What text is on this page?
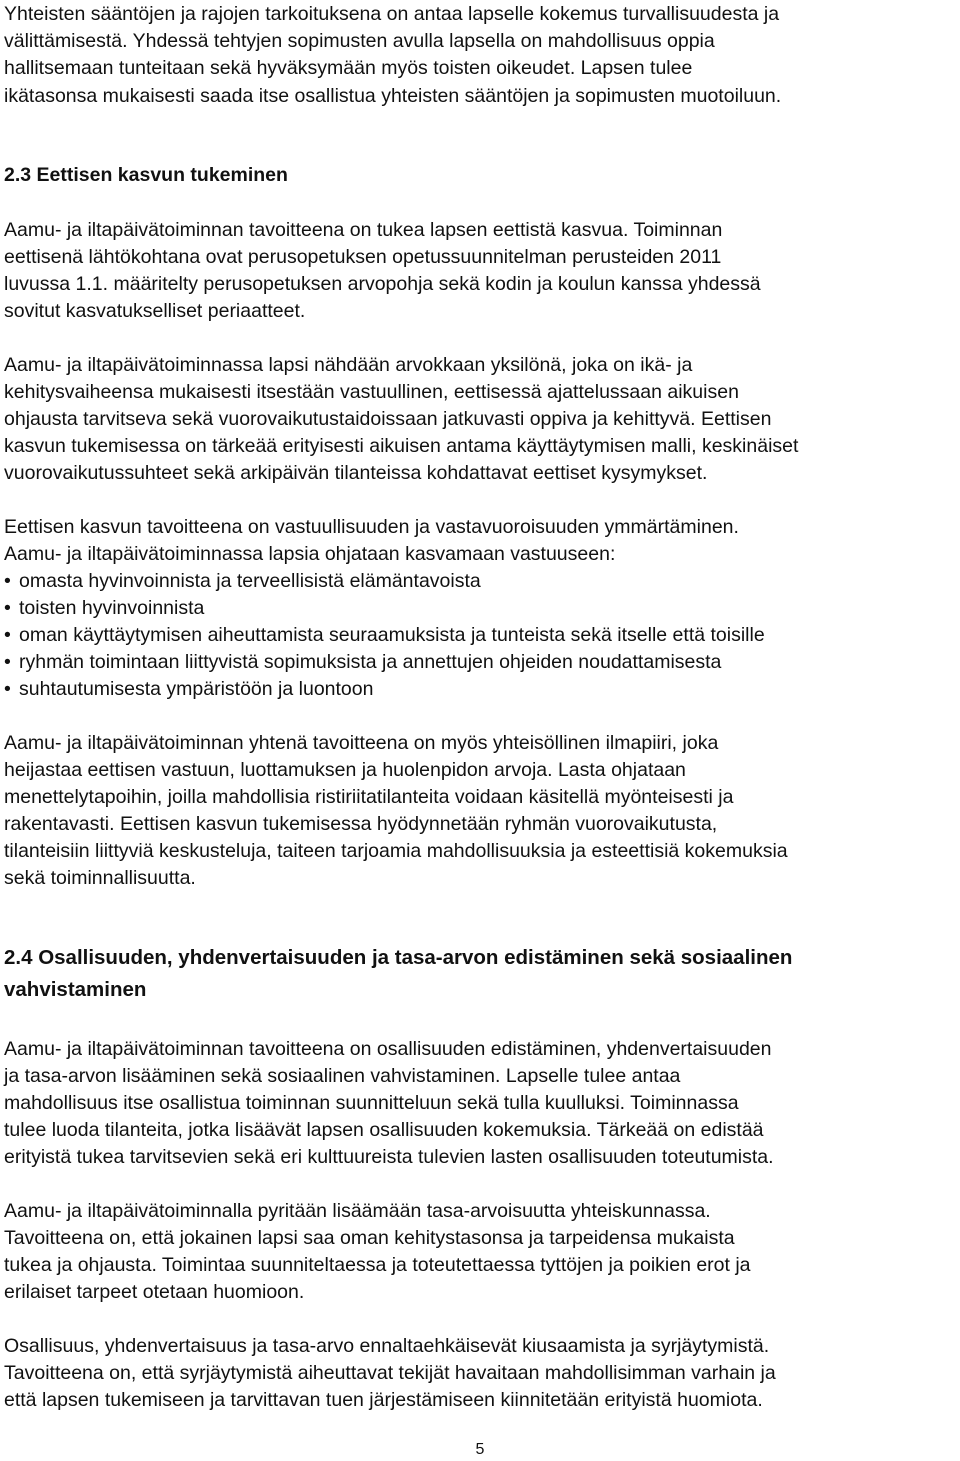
Yhteisten sääntöjen ja rajojen tarkoituksena on antaa lapselle kokemus turvallisuudesta ja
välittämisestä. Yhdessä tehtyjen sopimusten avulla lapsella on mahdollisuus oppia
hallitsemaan tunteitaan sekä hyväksymään myös toisten oikeudet. Lapsen tulee
ikätasonsa mukaisesti saada itse osallistua yhteisten sääntöjen ja sopimusten muotoiluun.
2.3 Eettisen kasvun tukeminen
Aamu- ja iltapäivätoiminnan tavoitteena on tukea lapsen eettistä kasvua. Toiminnan
eettisenä lähtökohtana ovat perusopetuksen opetussuunnitelman perusteiden 2011
luvussa 1.1. määritelty perusopetuksen arvopohja sekä kodin ja koulun kanssa yhdessä
sovitut kasvatukselliset periaatteet.
Aamu- ja iltapäivätoiminnassa lapsi nähdään arvokkaan yksilönä, joka on ikä- ja
kehitysvaiheensa mukaisesti itsestään vastuullinen, eettisessä ajattelussaan aikuisen
ohjausta tarvitseva sekä vuorovaikutustaidoissaan jatkuvasti oppiva ja kehittyvä. Eettisen
kasvun tukemisessa on tärkeää erityisesti aikuisen antama käyttäytymisen malli, keskinäiset
vuorovaikutussuhteet sekä arkipäivän tilanteissa kohdattavat eettiset kysymykset.
Eettisen kasvun tavoitteena on vastuullisuuden ja vastavuoroisuuden ymmärtäminen.
Aamu- ja iltapäivätoiminnassa lapsia ohjataan kasvamaan vastuuseen:
• omasta hyvinvoinnista ja terveellisistä elämäntavoista
• toisten hyvinvoinnista
• oman käyttäytymisen aiheuttamista seuraamuksista ja tunteista sekä itselle että toisille
• ryhmän toimintaan liittyvistä sopimuksista ja annettujen ohjeiden noudattamisesta
• suhtautumisesta ympäristöön ja luontoon
Aamu- ja iltapäivätoiminnan yhtenä tavoitteena on myös yhteisöllinen ilmapiiri, joka
heijastaa eettisen vastuun, luottamuksen ja huolenpidon arvoja. Lasta ohjataan
menettelytapoihin, joilla mahdollisia ristiriitatilanteita voidaan käsitellä myönteisesti ja
rakentavasti. Eettisen kasvun tukemisessa hyödynnetään ryhmän vuorovaikutusta,
tilanteisiin liittyviä keskusteluja, taiteen tarjoamia mahdollisuuksia ja esteettisiä kokemuksia
sekä toiminnallisuutta.
2.4 Osallisuuden, yhdenvertaisuuden ja tasa-arvon edistäminen sekä sosiaalinen
vahvistaminen
Aamu- ja iltapäivätoiminnan tavoitteena on osallisuuden edistäminen, yhdenvertaisuuden
ja tasa-arvon lisääminen sekä sosiaalinen vahvistaminen. Lapselle tulee antaa
mahdollisuus itse osallistua toiminnan suunnitteluun sekä tulla kuulluksi. Toiminnassa
tulee luoda tilanteita, jotka lisäävät lapsen osallisuuden kokemuksia. Tärkeää on edistää
erityistä tukea tarvitsevien sekä eri kulttuureista tulevien lasten osallisuuden toteutumista.
Aamu- ja iltapäivätoiminnalla pyritään lisäämään tasa-arvoisuutta yhteiskunnassa.
Tavoitteena on, että jokainen lapsi saa oman kehitystasonsa ja tarpeidensa mukaista
tukea ja ohjausta. Toimintaa suunniteltaessa ja toteutettaessa tyttöjen ja poikien erot ja
erilaiset tarpeet otetaan huomioon.
Osallisuus, yhdenvertaisuus ja tasa-arvo ennaltaehkäisevät kiusaamista ja syrjäytymistä.
Tavoitteena on, että syrjäytymistä aiheuttavat tekijät havaitaan mahdollisimman varhain ja
että lapsen tukemiseen ja tarvittavan tuen järjestämiseen kiinnitetään erityistä huomiota.
5
